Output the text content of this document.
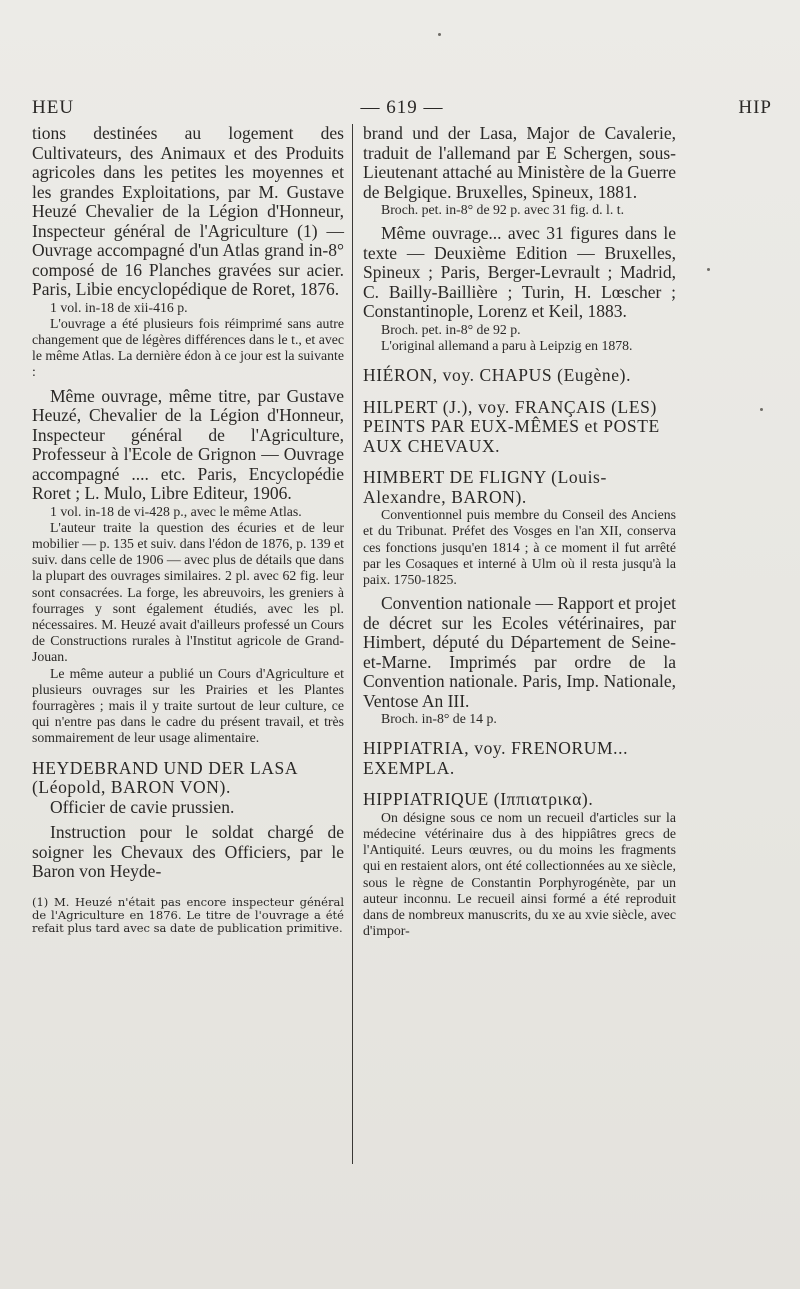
HEU	— 619 —	HIP

tions destinées au logement des Cultivateurs, des Animaux et des Produits agricoles dans les petites les moyennes et les grandes Exploitations, par M. Gustave Heuzé Chevalier de la Légion d'Honneur, Inspecteur général de l'Agriculture (1) — Ouvrage accompagné d'un Atlas grand in-8° composé de 16 Planches gravées sur acier. Paris, Libie encyclopédique de Roret, 1876.

1 vol. in-18 de xii-416 p.

L'ouvrage a été plusieurs fois réimprimé sans autre changement que de légères différences dans le t., et avec le même Atlas. La dernière édon à ce jour est la suivante :

Même ouvrage, même titre, par Gustave Heuzé, Chevalier de la Légion d'Honneur, Inspecteur général de l'Agriculture, Professeur à l'Ecole de Grignon — Ouvrage accompagné .... etc. Paris, Encyclopédie Roret ; L. Mulo, Libre Editeur, 1906.

1 vol. in-18 de vi-428 p., avec le même Atlas.

L'auteur traite la question des écuries et de leur mobilier — p. 135 et suiv. dans l'édon de 1876, p. 139 et suiv. dans celle de 1906 — avec plus de détails que dans la plupart des ouvrages similaires. 2 pl. avec 62 fig. leur sont consacrées. La forge, les abreuvoirs, les greniers à fourrages y sont également étudiés, avec les pl. nécessaires. M. Heuzé avait d'ailleurs professé un Cours de Constructions rurales à l'Institut agricole de Grand-Jouan.

Le même auteur a publié un Cours d'Agriculture et plusieurs ouvrages sur les Prairies et les Plantes fourragères ; mais il y traite surtout de leur culture, ce qui n'entre pas dans le cadre du présent travail, et très sommairement de leur usage alimentaire.

HEYDEBRAND UND DER LASA (Léopold, BARON VON).

Officier de cavie prussien.

Instruction pour le soldat chargé de soigner les Chevaux des Officiers, par le Baron von Heyde-

(1) M. Heuzé n'était pas encore inspecteur général de l'Agriculture en 1876. Le titre de l'ouvrage a été refait plus tard avec sa date de publication primitive.

brand und der Lasa, Major de Cavalerie, traduit de l'allemand par E Schergen, sous-Lieutenant attaché au Ministère de la Guerre de Belgique. Bruxelles, Spineux, 1881.

Broch. pet. in-8° de 92 p. avec 31 fig. d. l. t.

Même ouvrage... avec 31 figures dans le texte — Deuxième Edition — Bruxelles, Spineux ; Paris, Berger-Levrault ; Madrid, C. Bailly-Baillière ; Turin, H. Lœscher ; Constantinople, Lorenz et Keil, 1883.

Broch. pet. in-8° de 92 p.

L'original allemand a paru à Leipzig en 1878.

HIÉRON, voy. CHAPUS (Eugène).

HILPERT (J.), voy. FRANÇAIS (LES) PEINTS PAR EUX-MÊMES et POSTE AUX CHEVAUX.

HIMBERT DE FLIGNY (Louis-Alexandre, BARON).

Conventionnel puis membre du Conseil des Anciens et du Tribunat. Préfet des Vosges en l'an XII, conserva ces fonctions jusqu'en 1814 ; à ce moment il fut arrêté par les Cosaques et interné à Ulm où il resta jusqu'à la paix. 1750-1825.

Convention nationale — Rapport et projet de décret sur les Ecoles vétérinaires, par Himbert, député du Département de Seine-et-Marne. Imprimés par ordre de la Convention nationale. Paris, Imp. Nationale, Ventose An III.

Broch. in-8° de 14 p.

HIPPIATRIA, voy. FRENORUM... EXEMPLA.

HIPPIATRIQUE (Ιππιατρικα).

On désigne sous ce nom un recueil d'articles sur la médecine vétérinaire dus à des hippiâtres grecs de l'Antiquité. Leurs œuvres, ou du moins les fragments qui en restaient alors, ont été collectionnées au xe siècle, sous le règne de Constantin Porphyrogénète, par un auteur inconnu. Le recueil ainsi formé a été reproduit dans de nombreux manuscrits, du xe au xvie siècle, avec d'impor-
